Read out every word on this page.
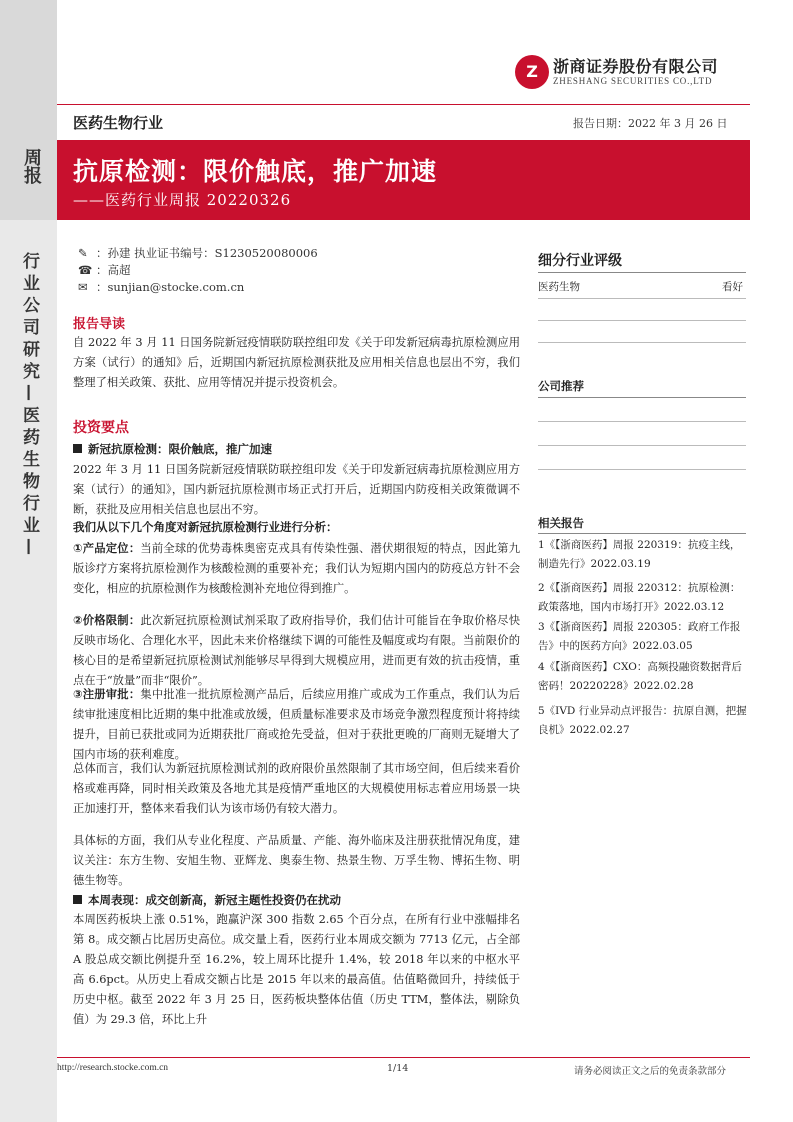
周报
行业公司研究—医药生物行业—
Z 浙商证券股份有限公司
ZHESHANG SECURITIES CO.,LTD
医药生物行业	报告日期：2022 年 3 月 26 日
抗原检测：限价触底，推广加速
——医药行业周报 20220326
✎ ：孙建 执业证书编号：S1230520080006
☎ ：高超
✉ ：sunjian@stocke.com.cn
报告导读
自 2022 年 3 月 11 日国务院新冠疫情联防联控组印发《关于印发新冠病毒抗原检测应用方案（试行）的通知》后，近期国内新冠抗原检测获批及应用相关信息也层出不穷，我们整理了相关政策、获批、应用等情况并提示投资机会。
投资要点
新冠抗原检测：限价触底，推广加速
2022 年 3 月 11 日国务院新冠疫情联防联控组印发《关于印发新冠病毒抗原检测应用方案（试行）的通知》，国内新冠抗原检测市场正式打开后，近期国内防疫相关政策微调不断，获批及应用相关信息也层出不穷。
我们从以下几个角度对新冠抗原检测行业进行分析：
①产品定位：当前全球的优势毒株奥密克戎具有传染性强、潜伏期很短的特点，因此第九版诊疗方案将抗原检测作为核酸检测的重要补充；我们认为短期内国内的防疫总方针不会变化，相应的抗原检测作为核酸检测补充地位得到推广。
②价格限制：此次新冠抗原检测试剂采取了政府指导价，我们估计可能旨在争取价格尽快反映市场化、合理化水平，因此未来价格继续下调的可能性及幅度或均有限。当前限价的核心目的是希望新冠抗原检测试剂能够尽早得到大规模应用，进而更有效的抗击疫情，重点在于“放量”而非“限价”。
③注册审批：集中批准一批抗原检测产品后，后续应用推广或成为工作重点，我们认为后续审批速度相比近期的集中批准或放缓，但质量标准要求及市场竞争激烈程度预计将持续提升，目前已获批或同为近期获批厂商或抢先受益，但对于获批更晚的厂商则无疑增大了国内市场的获利难度。
总体而言，我们认为新冠抗原检测试剂的政府限价虽然限制了其市场空间，但后续来看价格或难再降，同时相关政策及各地尤其是疫情严重地区的大规模使用标志着应用场景一块正加速打开，整体来看我们认为该市场仍有较大潜力。
具体标的方面，我们从专业化程度、产品质量、产能、海外临床及注册获批情况角度，建议关注：东方生物、安旭生物、亚辉龙、奥泰生物、热景生物、万孚生物、博拓生物、明德生物等。
本周表现：成交创新高，新冠主题性投资仍在扰动
本周医药板块上涨 0.51%，跑赢沪深 300 指数 2.65 个百分点，在所有行业中涨幅排名第 8。成交额占比居历史高位。成交量上看，医药行业本周成交额为 7713 亿元，占全部 A 股总成交额比例提升至 16.2%，较上周环比提升 1.4%，较 2018 年以来的中枢水平高 6.6pct。从历史上看成交额占比是 2015 年以来的最高值。估值略微回升，持续低于历史中枢。截至 2022 年 3 月 25 日，医药板块整体估值（历史 TTM，整体法，剔除负值）为 29.3 倍，环比上升
细分行业评级
医药生物	看好
公司推荐
相关报告
1《【浙商医药】周报 220319：抗疫主线，制造先行》2022.03.19
2《【浙商医药】周报 220312：抗原检测：政策落地，国内市场打开》2022.03.12
3《【浙商医药】周报 220305：政府工作报告》中的医药方向》2022.03.05
4《【浙商医药】CXO：高频投融资数据背后密码！20220228》2022.02.28
5《IVD 行业异动点评报告：抗原自测，把握良机》2022.02.27
http://research.stocke.com.cn	1/14	请务必阅读正文之后的免责条款部分
